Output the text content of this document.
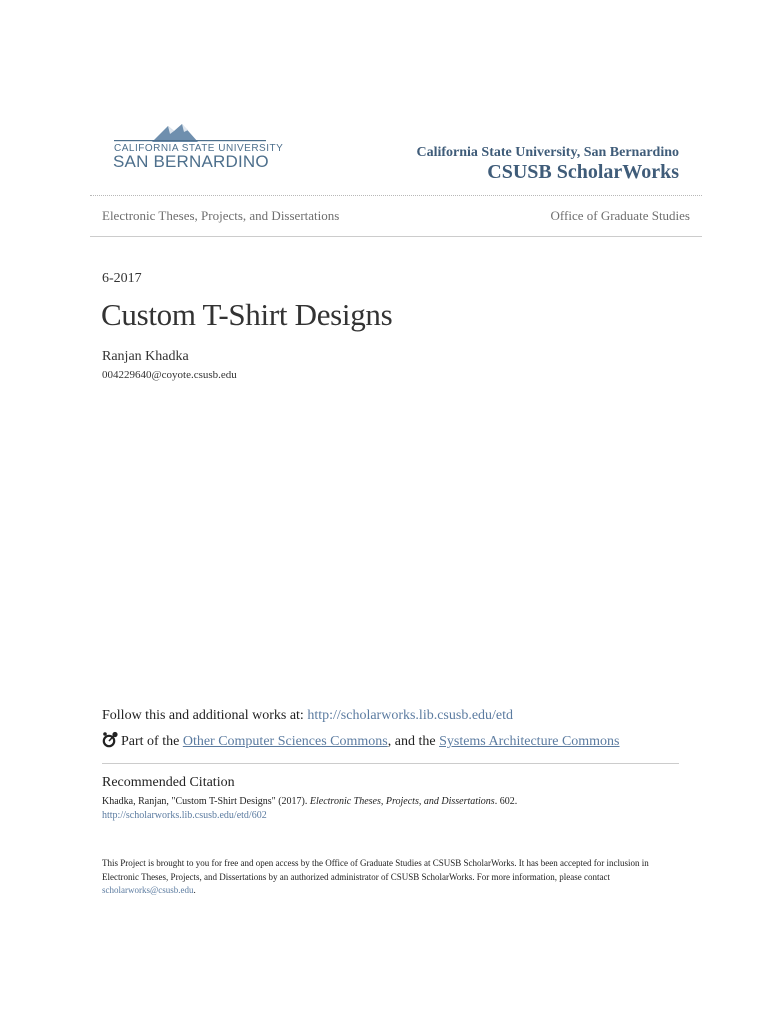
CALIFORNIA STATE UNIVERSITY
SAN BERNARDINO	California State University, San Bernardino
CSUSB ScholarWorks
Electronic Theses, Projects, and Dissertations	Office of Graduate Studies
6-2017
Custom T-Shirt Designs
Ranjan Khadka
004229640@coyote.csusb.edu
Follow this and additional works at: http://scholarworks.lib.csusb.edu/etd
Part of the Other Computer Sciences Commons, and the Systems Architecture Commons
Recommended Citation
Khadka, Ranjan, "Custom T-Shirt Designs" (2017). Electronic Theses, Projects, and Dissertations. 602.
http://scholarworks.lib.csusb.edu/etd/602
This Project is brought to you for free and open access by the Office of Graduate Studies at CSUSB ScholarWorks. It has been accepted for inclusion in Electronic Theses, Projects, and Dissertations by an authorized administrator of CSUSB ScholarWorks. For more information, please contact scholarworks@csusb.edu.
